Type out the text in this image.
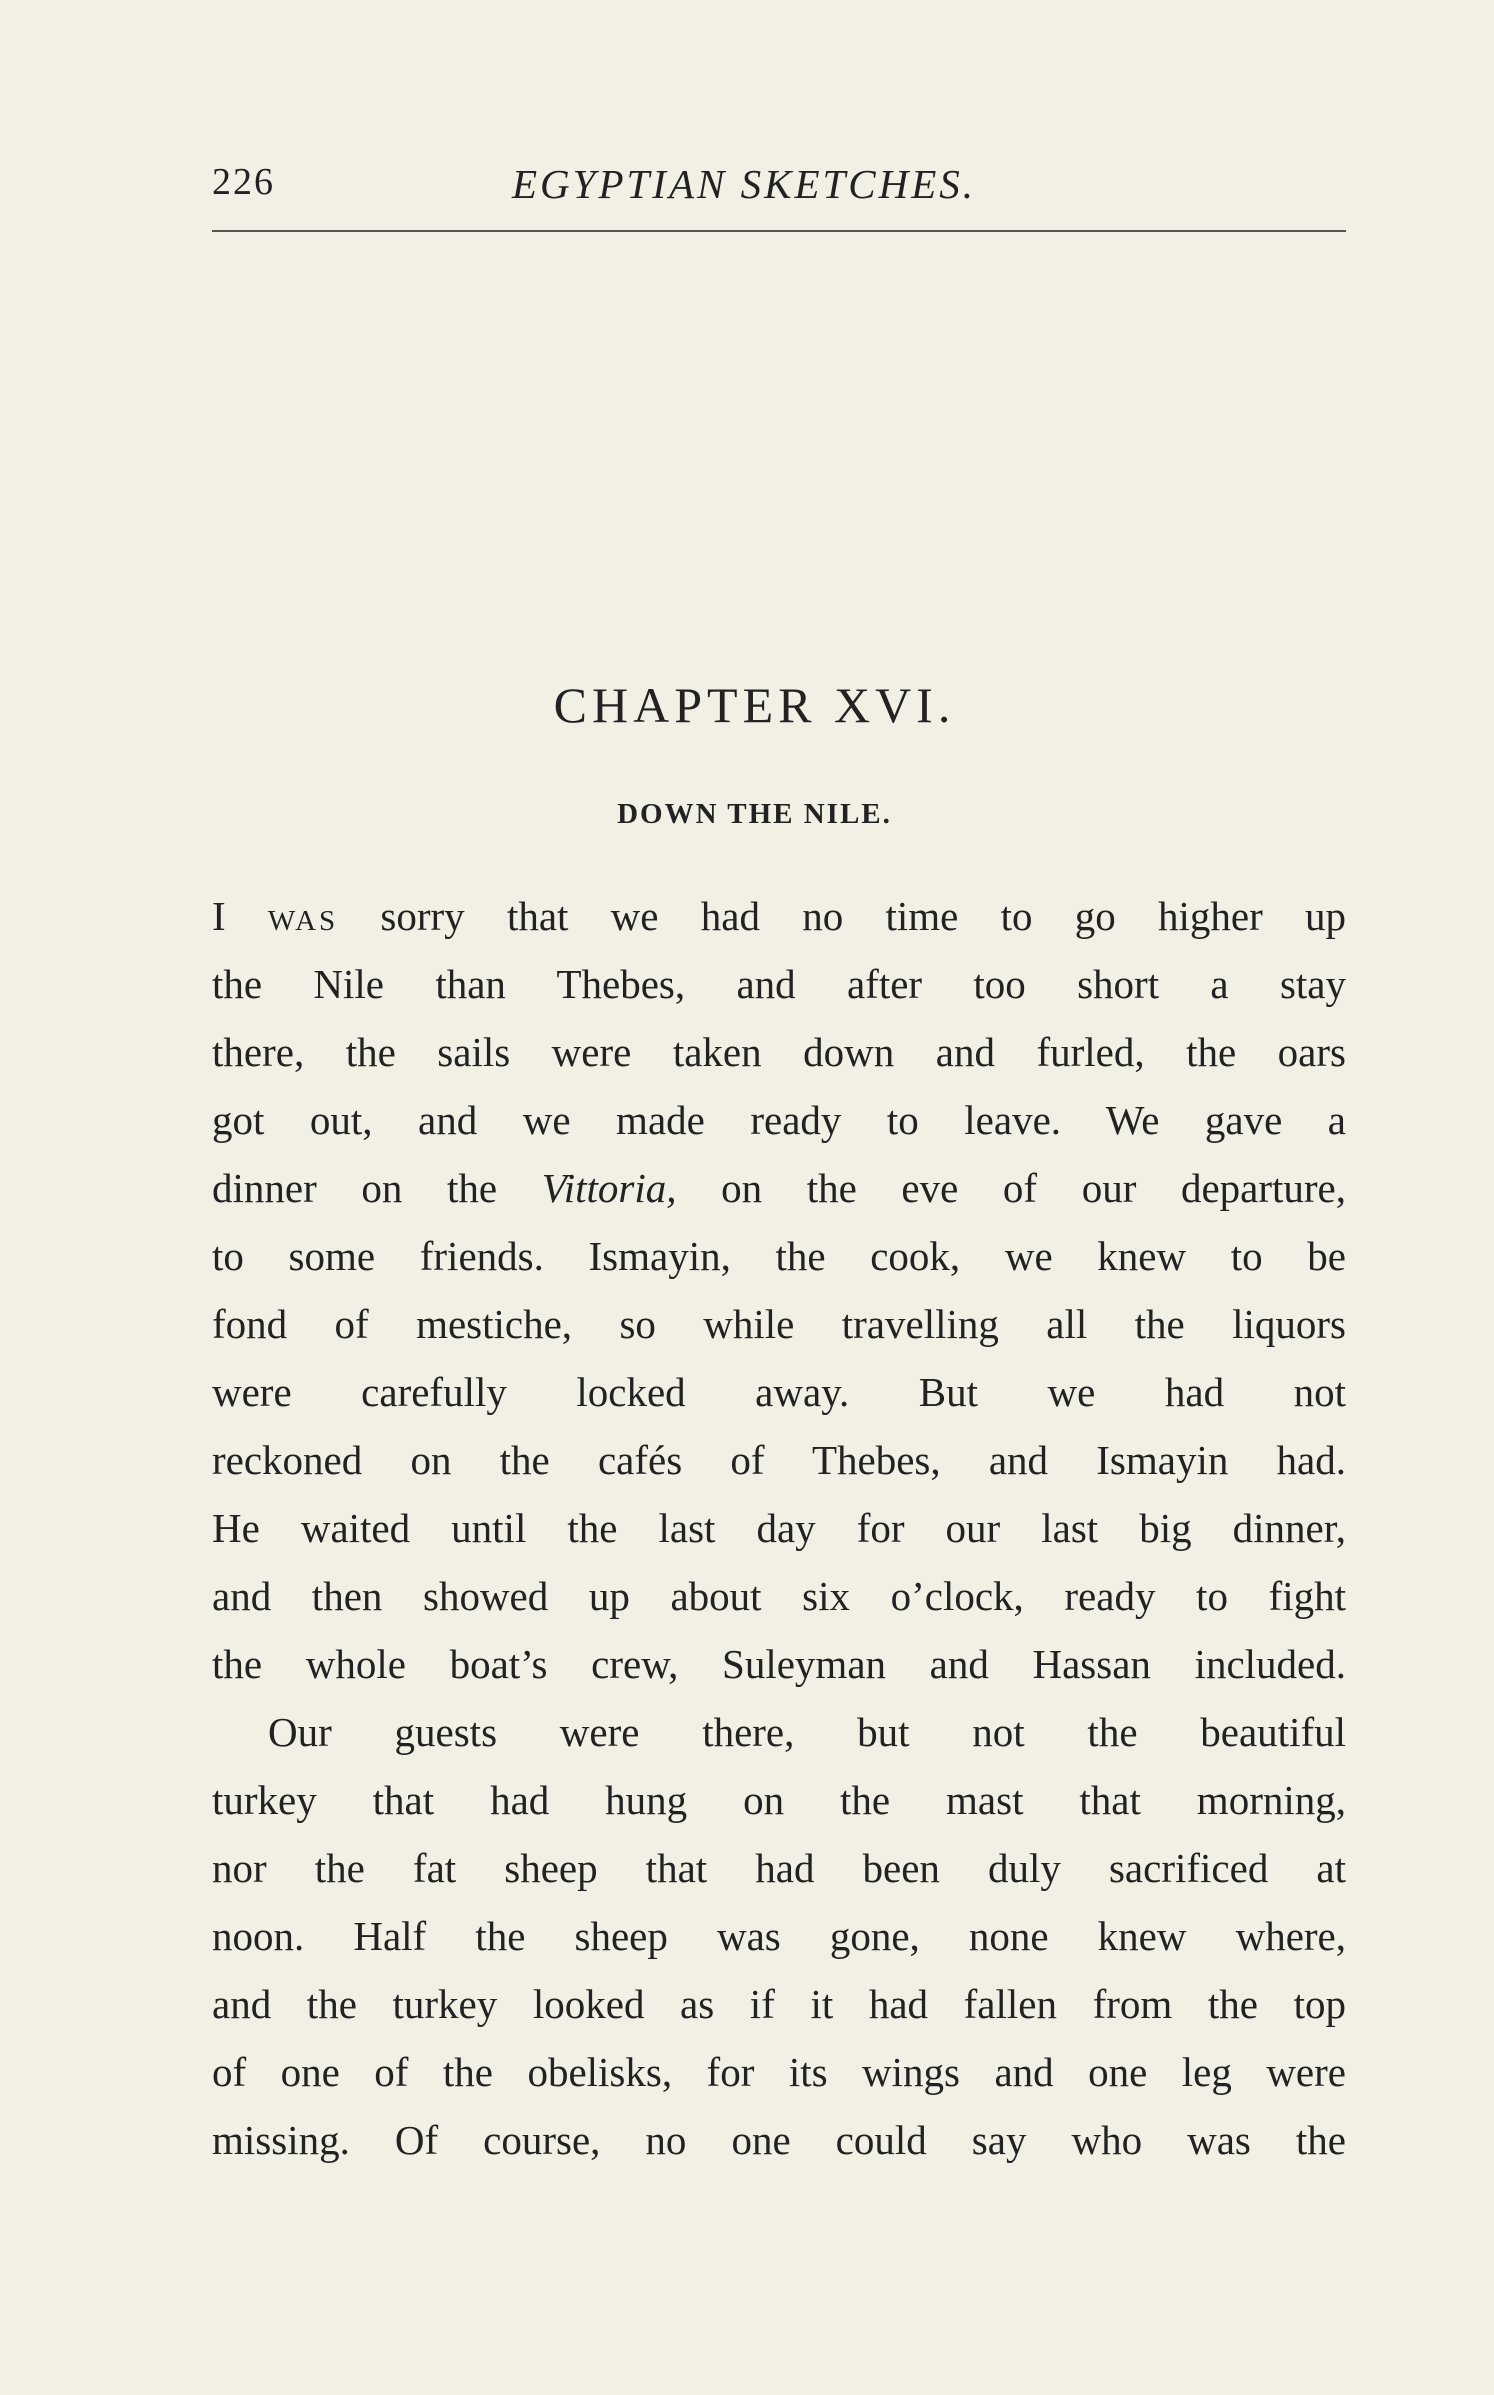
226	EGYPTIAN SKETCHES.
CHAPTER XVI.
DOWN THE NILE.
I WAS sorry that we had no time to go higher up
the Nile than Thebes, and after too short a stay
there, the sails were taken down and furled, the oars
got out, and we made ready to leave. We gave a
dinner on the Vittoria, on the eve of our departure,
to some friends. Ismayin, the cook, we knew to be
fond of mestiche, so while travelling all the liquors
were carefully locked away. But we had not
reckoned on the cafés of Thebes, and Ismayin had.
He waited until the last day for our last big dinner,
and then showed up about six o’clock, ready to fight
the whole boat’s crew, Suleyman and Hassan included.
Our guests were there, but not the beautiful
turkey that had hung on the mast that morning,
nor the fat sheep that had been duly sacrificed at
noon. Half the sheep was gone, none knew where,
and the turkey looked as if it had fallen from the top
of one of the obelisks, for its wings and one leg were
missing. Of course, no one could say who was the
